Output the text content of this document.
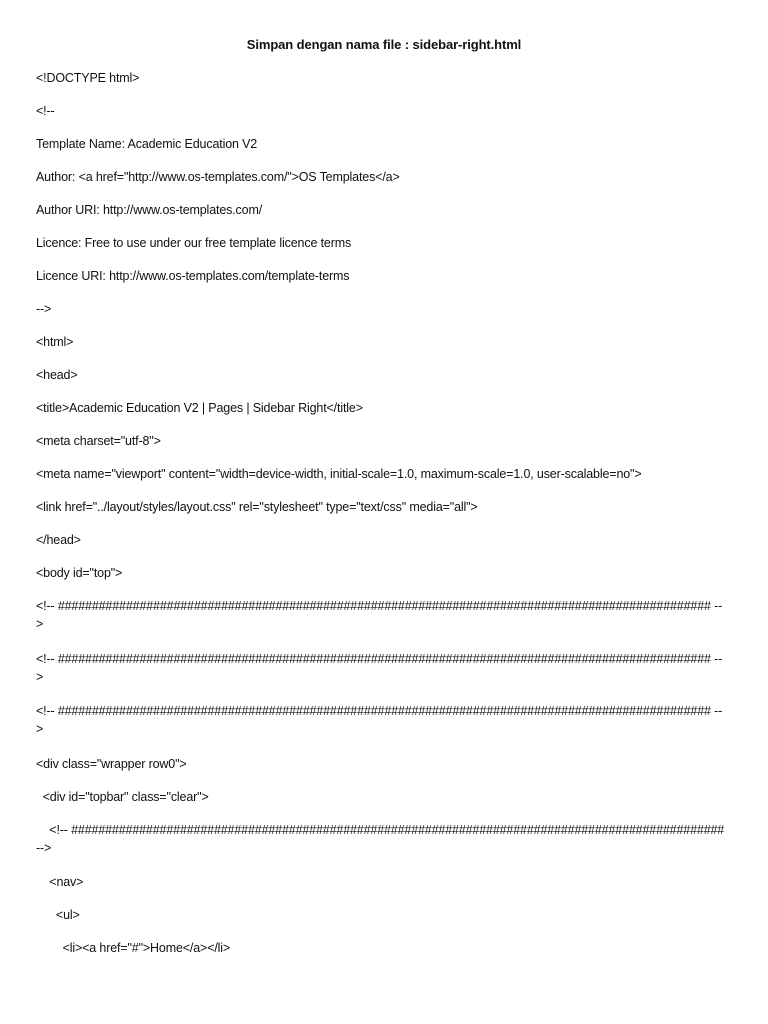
Simpan dengan nama file : sidebar-right.html
<!DOCTYPE html>
<!--
Template Name: Academic Education V2
Author: <a href="http://www.os-templates.com/">OS Templates</a>
Author URI: http://www.os-templates.com/
Licence: Free to use under our free template licence terms
Licence URI: http://www.os-templates.com/template-terms
-->
<html>
<head>
<title>Academic Education V2 | Pages | Sidebar Right</title>
<meta charset="utf-8">
<meta name="viewport" content="width=device-width, initial-scale=1.0, maximum-scale=1.0, user-scalable=no">
<link href="../layout/styles/layout.css" rel="stylesheet" type="text/css" media="all">
</head>
<body id="top">
<!-- ################################################################################################ --
>
<!-- ################################################################################################ --
>
<!-- ################################################################################################ --
>
<div class="wrapper row0">
<div id="topbar" class="clear">
<!-- ################################################################################################
-->
<nav>
<ul>
<li><a href="#">Home</a></li>
